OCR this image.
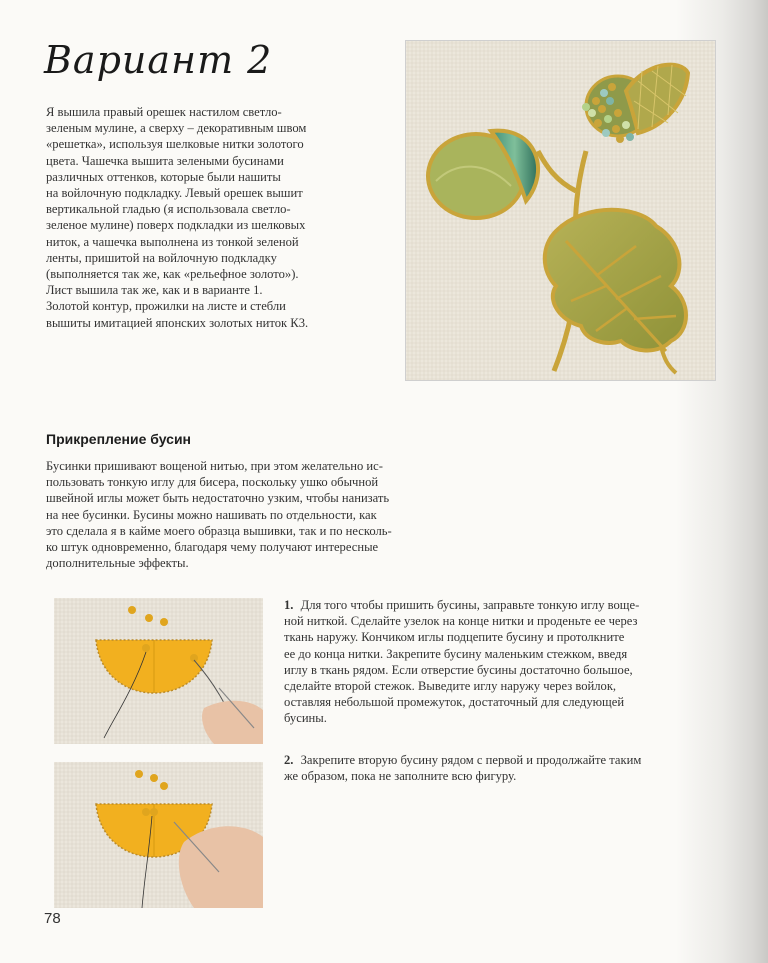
Вариант 2

Я вышила правый орешек настилом светло-
зеленым мулине, а сверху – декоративным швом
«решетка», используя шелковые нитки золотого
цвета. Чашечка вышита зелеными бусинами
различных оттенков, которые были нашиты
на войлочную подкладку. Левый орешек вышит
вертикальной гладью (я использовала светло-
зеленое мулине) поверх подкладки из шелковых
ниток, а чашечка выполнена из тонкой зеленой
ленты, пришитой на войлочную подкладку
(выполняется так же, как «рельефное золото»).
Лист вышила так же, как и в варианте 1.
Золотой контур, прожилки на листе и стебли
вышиты имитацией японских золотых ниток К3.

Прикрепление бусин

Бусинки пришивают вощеной нитью, при этом желательно ис-
пользовать тонкую иглу для бисера, поскольку ушко обычной
швейной иглы может быть недостаточно узким, чтобы нанизать
на нее бусинки. Бусины можно нашивать по отдельности, как
это сделала я в кайме моего образца вышивки, так и по несколь-
ко штук одновременно, благодаря чему получают интересные
дополнительные эффекты.

1. Для того чтобы пришить бусины, заправьте тонкую иглу воще-
ной ниткой. Сделайте узелок на конце нитки и проденьте ее через
ткань наружу. Кончиком иглы подцепите бусину и протолкните
ее до конца нитки. Закрепите бусину маленьким стежком, введя
иглу в ткань рядом. Если отверстие бусины достаточно большое,
сделайте второй стежок. Выведите иглу наружу через войлок,
оставляя небольшой промежуток, достаточный для следующей
бусины.
2. Закрепите вторую бусину рядом с первой и продолжайте таким
же образом, пока не заполните всю фигуру.
78
